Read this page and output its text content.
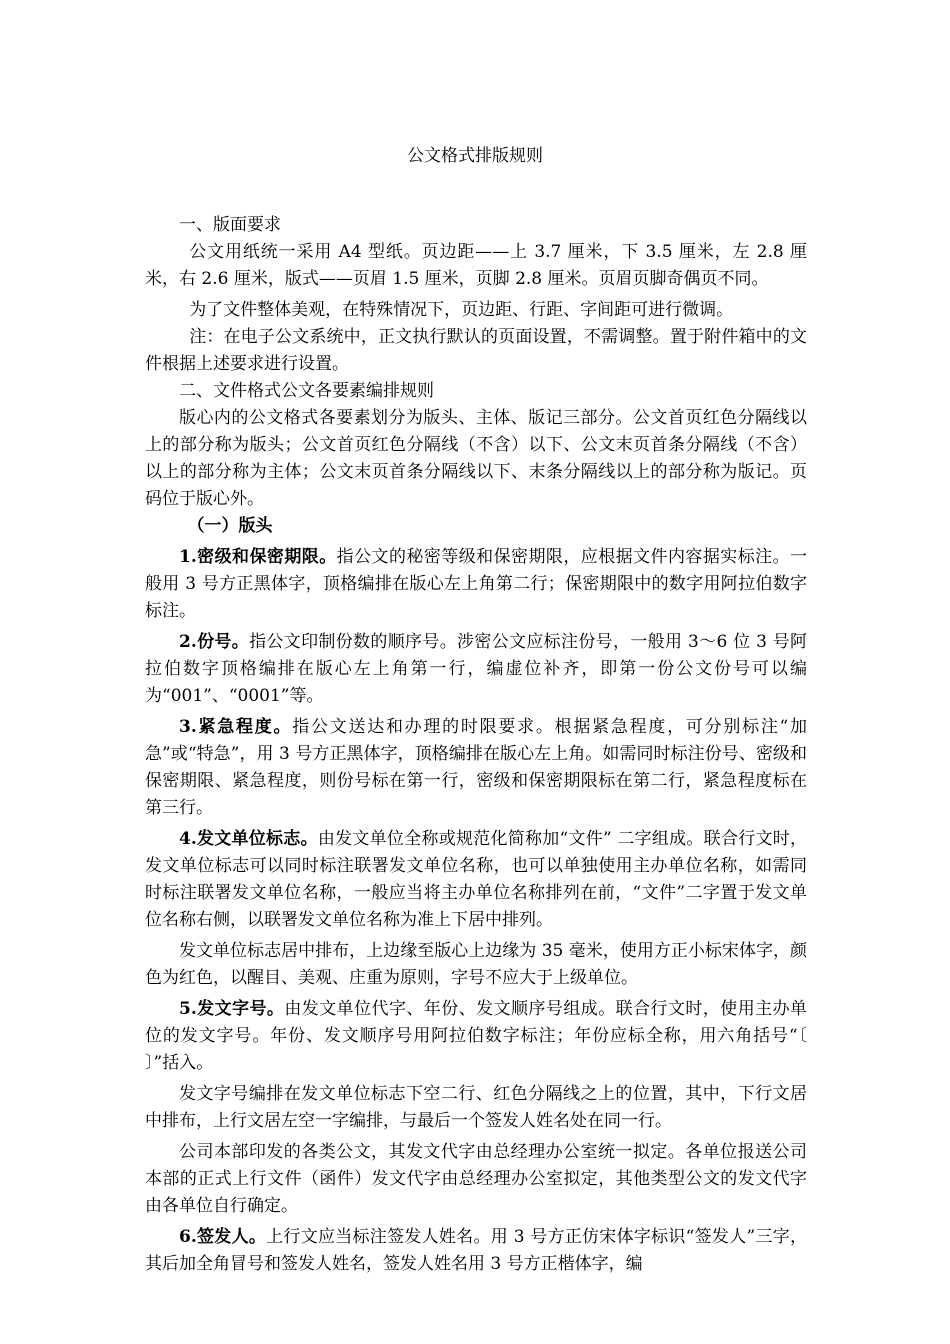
公文格式排版规则

一、版面要求

公文用纸统一采用 A4 型纸。页边距——上 3.7 厘米，下 3.5 厘米，左 2.8 厘米，右 2.6 厘米，版式——页眉 1.5 厘米，页脚 2.8 厘米。页眉页脚奇偶页不同。

为了文件整体美观，在特殊情况下，页边距、行距、字间距可进行微调。

注：在电子公文系统中，正文执行默认的页面设置，不需调整。置于附件箱中的文件根据上述要求进行设置。

二、文件格式公文各要素编排规则

版心内的公文格式各要素划分为版头、主体、版记三部分。公文首页红色分隔线以上的部分称为版头；公文首页红色分隔线（不含）以下、公文末页首条分隔线（不含）以上的部分称为主体；公文末页首条分隔线以下、末条分隔线以上的部分称为版记。页码位于版心外。

（一）版头

1.密级和保密期限。指公文的秘密等级和保密期限，应根据文件内容据实标注。一般用 3 号方正黑体字，顶格编排在版心左上角第二行；保密期限中的数字用阿拉伯数字标注。

2.份号。指公文印制份数的顺序号。涉密公文应标注份号，一般用 3～6 位 3 号阿拉伯数字顶格编排在版心左上角第一行，编虚位补齐，即第一份公文份号可以编为“001”、“0001”等。

3.紧急程度。指公文送达和办理的时限要求。根据紧急程度，可分别标注“加急”或“特急”，用 3 号方正黑体字，顶格编排在版心左上角。如需同时标注份号、密级和保密期限、紧急程度，则份号标在第一行，密级和保密期限标在第二行，紧急程度标在第三行。

4.发文单位标志。由发文单位全称或规范化简称加“文件” 二字组成。联合行文时，发文单位标志可以同时标注联署发文单位名称，也可以单独使用主办单位名称，如需同时标注联署发文单位名称，一般应当将主办单位名称排列在前，“文件”二字置于发文单位名称右侧，以联署发文单位名称为准上下居中排列。

发文单位标志居中排布，上边缘至版心上边缘为 35 毫米，使用方正小标宋体字，颜色为红色，以醒目、美观、庄重为原则，字号不应大于上级单位。

5.发文字号。由发文单位代字、年份、发文顺序号组成。联合行文时，使用主办单位的发文字号。年份、发文顺序号用阿拉伯数字标注；年份应标全称，用六角括号“〔 〕”括入。

发文字号编排在发文单位标志下空二行、红色分隔线之上的位置，其中，下行文居中排布，上行文居左空一字编排，与最后一个签发人姓名处在同一行。

公司本部印发的各类公文，其发文代字由总经理办公室统一拟定。各单位报送公司本部的正式上行文件（函件）发文代字由总经理办公室拟定，其他类型公文的发文代字由各单位自行确定。

6.签发人。上行文应当标注签发人姓名。用 3 号方正仿宋体字标识“签发人”三字，其后加全角冒号和签发人姓名，签发人姓名用 3 号方正楷体字，编
